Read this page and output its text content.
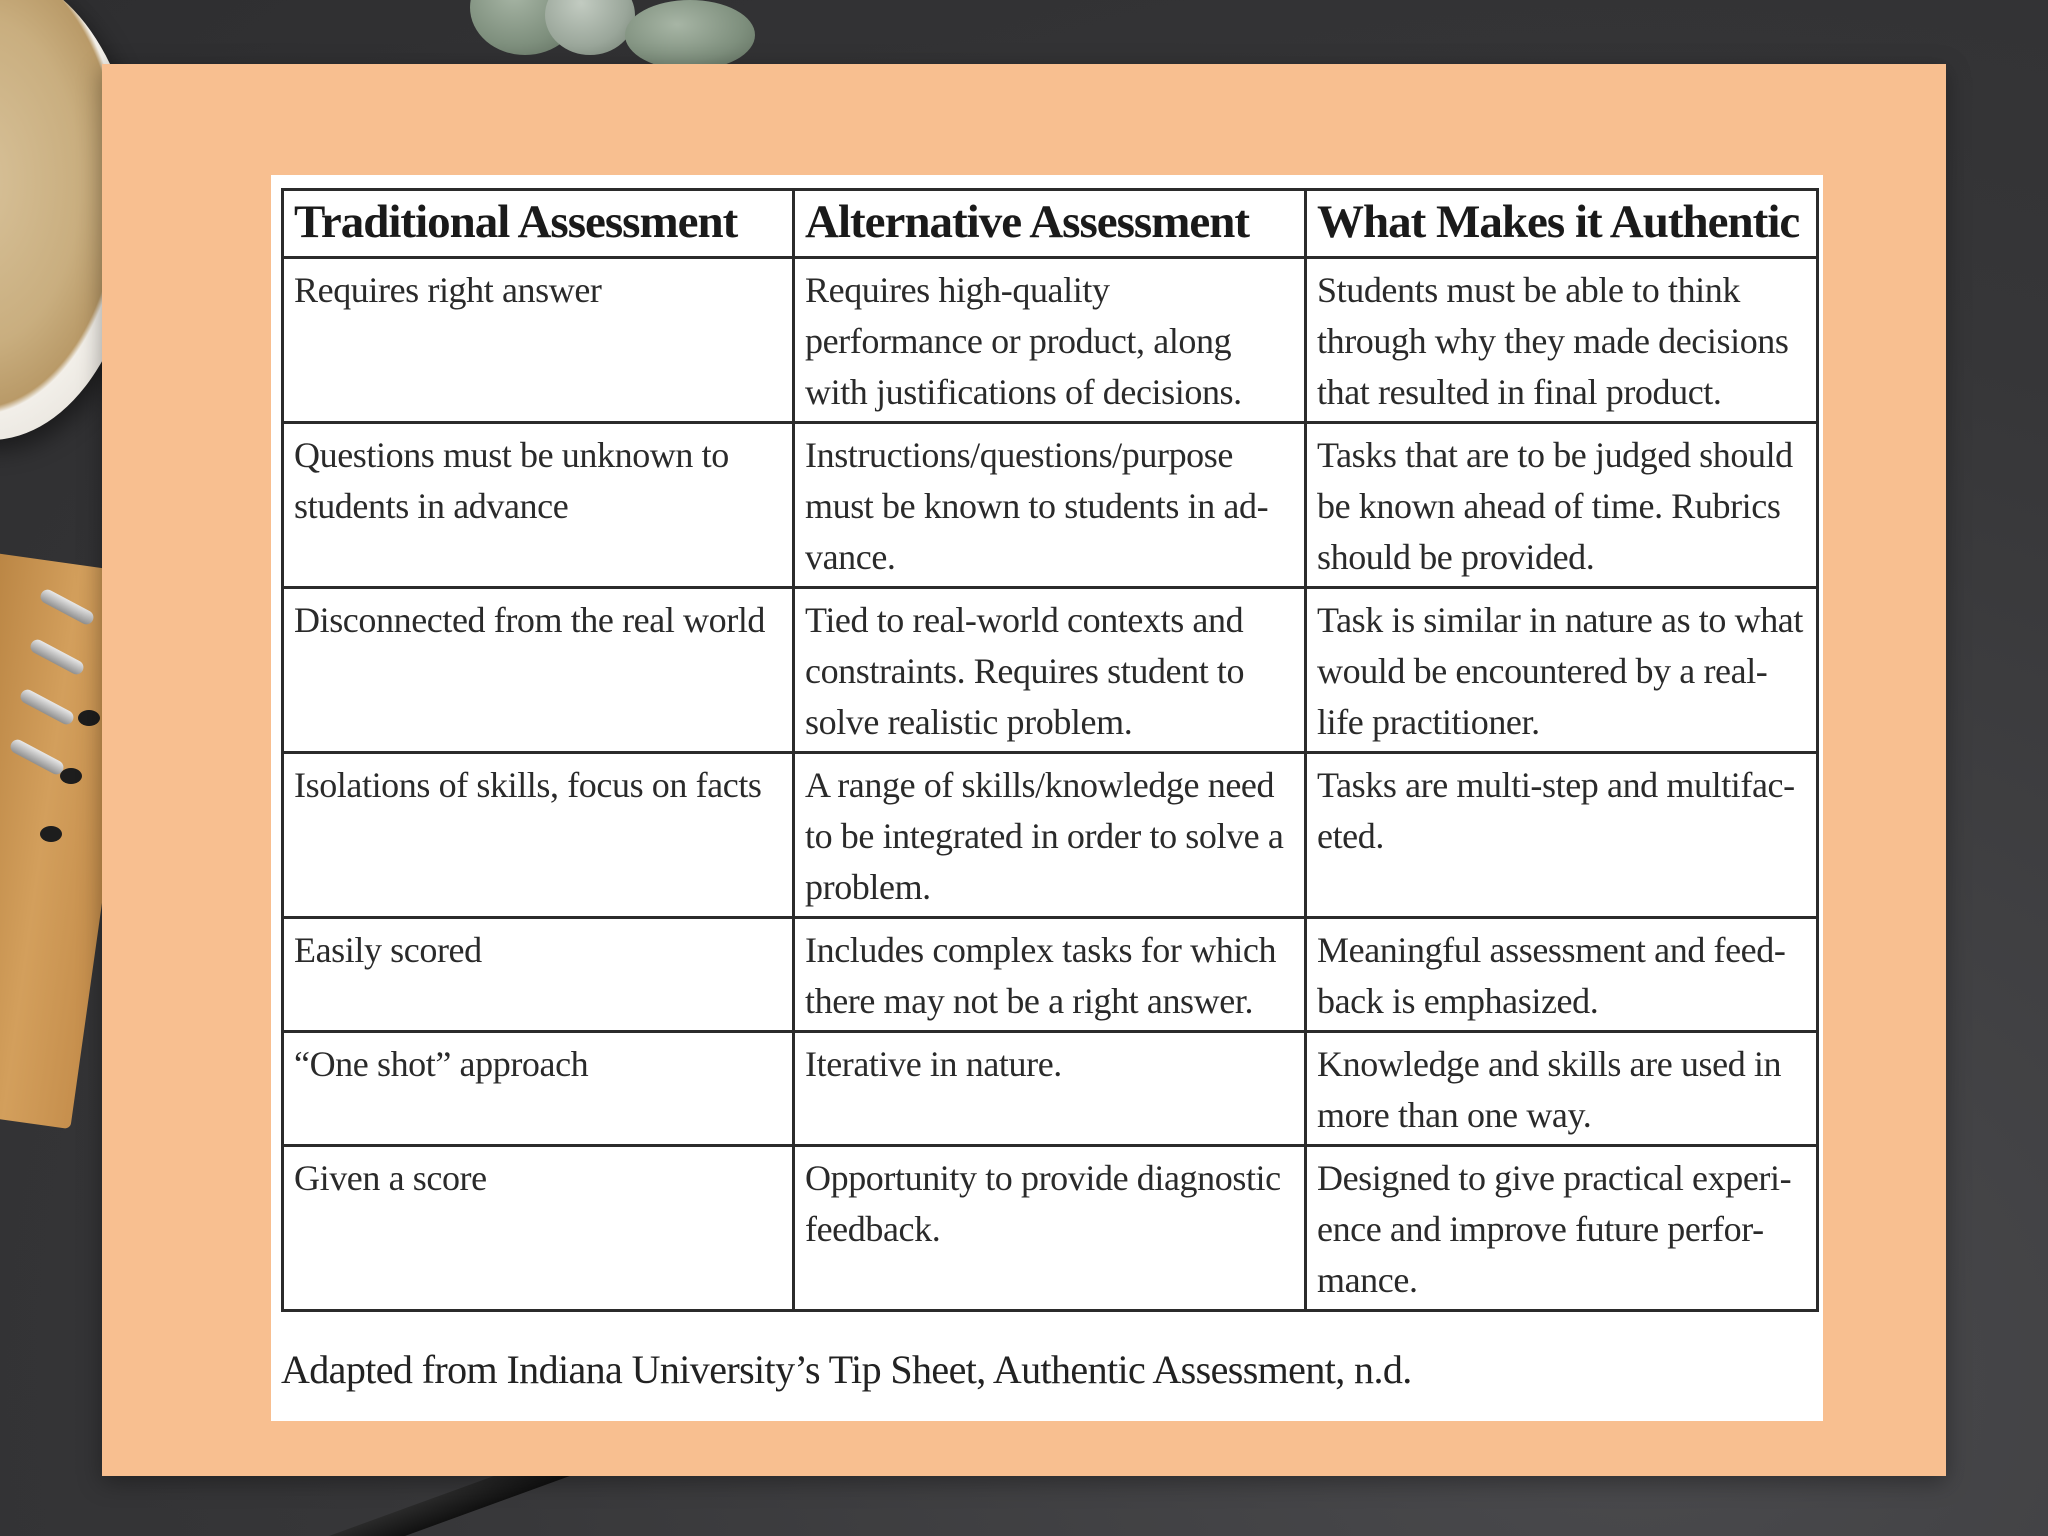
Traditional Assessment	Alternative Assessment	What Makes it Authentic
Requires right answer	Requires high-quality performance or product, along with justifications of decisions.	Students must be able to think through why they made decisions that resulted in final product.
Questions must be unknown to students in advance	Instructions/questions/purpose must be known to students in ad-vance.	Tasks that are to be judged should be known ahead of time. Rubrics should be provided.
Disconnected from the real world	Tied to real-world contexts and constraints. Requires student to solve realistic problem.	Task is similar in nature as to what would be encountered by a real-life practitioner.
Isolations of skills, focus on facts	A range of skills/knowledge need to be integrated in order to solve a problem.	Tasks are multi-step and multifac-eted.
Easily scored	Includes complex tasks for which there may not be a right answer.	Meaningful assessment and feed-back is emphasized.
“One shot” approach	Iterative in nature.	Knowledge and skills are used in more than one way.
Given a score	Opportunity to provide diagnostic feedback.	Designed to give practical experi-ence and improve future perfor-mance.
Adapted from Indiana University’s Tip Sheet, Authentic Assessment, n.d.
